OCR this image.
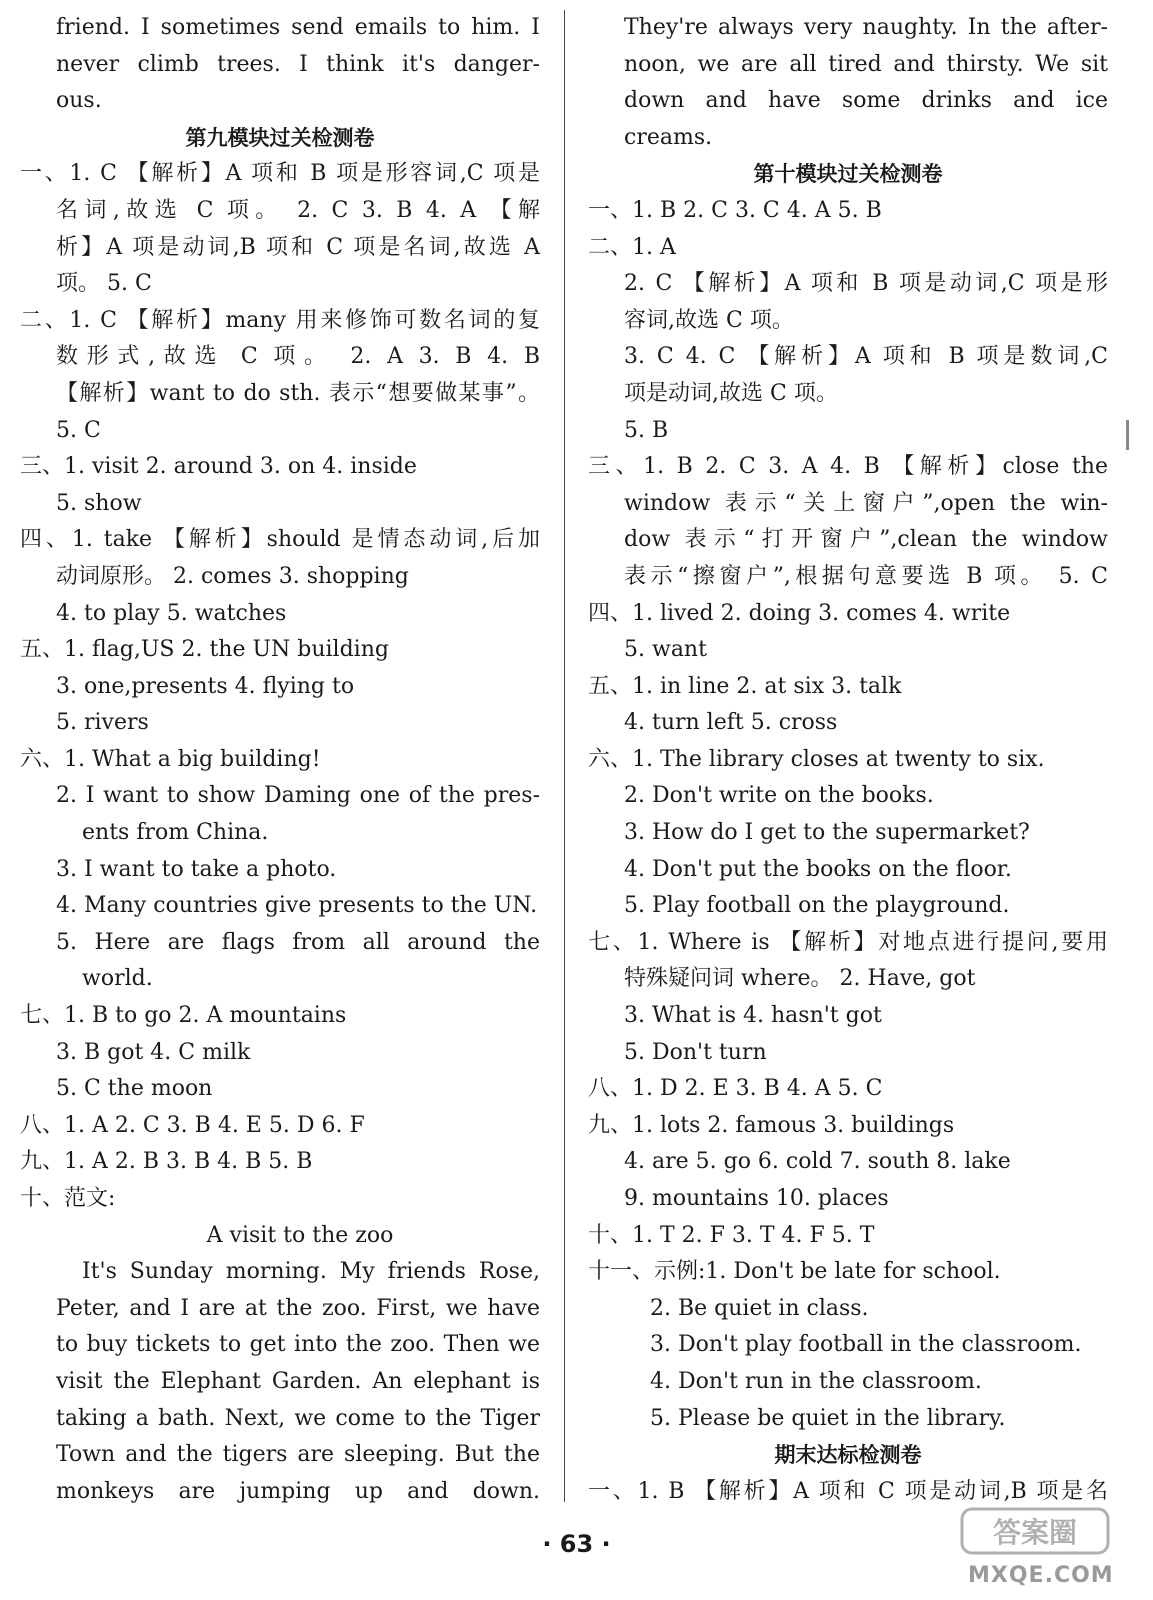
friend. I sometimes send emails to him. I
never climb trees. I think it's danger-
ous.
第九模块过关检测卷
一、1. C 【解析】A 项和 B 项是形容词,C 项是
名词,故选 C 项。 2. C 3. B 4. A 【解
析】A 项是动词,B 项和 C 项是名词,故选 A
项。 5. C
二、1. C 【解析】many 用来修饰可数名词的复
数形式,故选 C 项。 2. A 3. B 4. B
【解析】want to do sth. 表示“想要做某事”。
5. C
三、1. visit 2. around 3. on 4. inside
5. show
四、1. take 【解析】should 是情态动词,后加
动词原形。 2. comes 3. shopping
4. to play 5. watches
五、1. flag,US 2. the UN building
3. one,presents 4. flying to
5. rivers
六、1. What a big building!
2. I want to show Daming one of the pres-
ents from China.
3. I want to take a photo.
4. Many countries give presents to the UN.
5. Here are flags from all around the
world.
七、1. B to go 2. A mountains
3. B got 4. C milk
5. C the moon
八、1. A 2. C 3. B 4. E 5. D 6. F
九、1. A 2. B 3. B 4. B 5. B
十、范文:
A visit to the zoo
It's Sunday morning. My friends Rose,
Peter, and I are at the zoo. First, we have
to buy tickets to get into the zoo. Then we
visit the Elephant Garden. An elephant is
taking a bath. Next, we come to the Tiger
Town and the tigers are sleeping. But the
monkeys are jumping up and down.
They're always very naughty. In the after-
noon, we are all tired and thirsty. We sit
down and have some drinks and ice
creams.
第十模块过关检测卷
一、1. B 2. C 3. C 4. A 5. B
二、1. A
2. C 【解析】A 项和 B 项是动词,C 项是形
容词,故选 C 项。
3. C 4. C 【解析】A 项和 B 项是数词,C
项是动词,故选 C 项。
5. B
三、1. B 2. C 3. A 4. B 【解析】close the
window 表示“关上窗户”,open the win-
dow 表示“打开窗户”,clean the window
表示“擦窗户”,根据句意要选 B 项。 5. C
四、1. lived 2. doing 3. comes 4. write
5. want
五、1. in line 2. at six 3. talk
4. turn left 5. cross
六、1. The library closes at twenty to six.
2. Don't write on the books.
3. How do I get to the supermarket?
4. Don't put the books on the floor.
5. Play football on the playground.
七、1. Where is 【解析】对地点进行提问,要用
特殊疑问词 where。 2. Have, got
3. What is 4. hasn't got
5. Don't turn
八、1. D 2. E 3. B 4. A 5. C
九、1. lots 2. famous 3. buildings
4. are 5. go 6. cold 7. south 8. lake
9. mountains 10. places
十、1. T 2. F 3. T 4. F 5. T
十一、示例:1. Don't be late for school.
2. Be quiet in class.
3. Don't play football in the classroom.
4. Don't run in the classroom.
5. Please be quiet in the library.
期末达标检测卷
一、1. B 【解析】A 项和 C 项是动词,B 项是名
· 63 ·	答案圈
MXQE.COM
